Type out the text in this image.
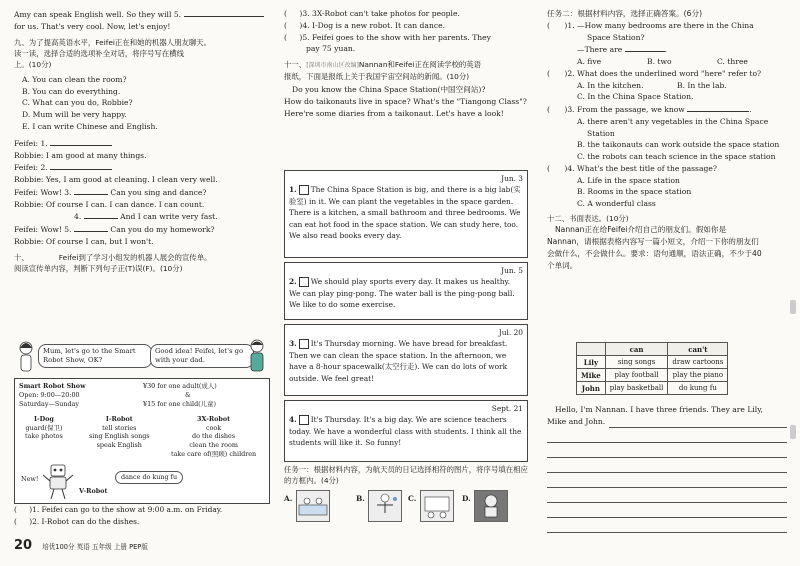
Amy can speak English well. So they will 5.
for us. That's very cool. Now, let's enjoy!
九、为了提高英语水平，Feifei正在和她的机器人朋友聊天。
读一读，选择合适的选项补全对话，将序号写在横线
上。(10分)
A. You can clean the room?
B. You can do everything.
C. What can you do, Robbie?
D. Mum will be very happy.
E. I can write Chinese and English.
Feifei: 1.
Robbie: I am good at many things.
Feifei: 2.
Robbie: Yes, I am good at cleaning. I clean very well.
Feifei: Wow! 3.	Can you sing and dance?
Robbie: Of course I can. I can dance. I can count.
4.	And I can write very fast.
Feifei: Wow! 5.	Can you do my homework?
Robbie: Of course I can, but I won't.
十、	Feifei到了学习小组发的机器人展会的宣传单。
阅读宣传单内容，判断下列句子正(T)误(F)。(10分)
Mum, let's go to the Smart Robot Show, OK?
Good idea! Feifei, let's go with your dad.
Smart Robot Show
Open: 9:00—20:00
Saturday—Sunday
¥30 for one adult(成人)
&
¥15 for one child(儿童)
I-Dog
guard(保卫)
take photos
I-Robot
tell stories
sing English songs
speak English
3X-Robot
cook
do the dishes
clean the room
take care of(照顾) children
New!	dance do kung fu
V-Robot
( )1. Feifei can go to the show at 9:00 a.m. on Friday.
( )2. I-Robot can do the dishes.
( )3. 3X-Robot can't take photos for people.
( )4. I-Dog is a new robot. It can dance.
( )5. Feifei goes to the show with her parents. They
pay 75 yuan.
十一、[深圳市南山区改编]Nannan和Feifei正在阅读学校的英语
报纸，下面是报纸上关于我国宇宙空间站的新闻。(10分)
Do you know the China Space Station(中国空间站)?
How do taikonauts live in space? What's the "Tiangong Class"?
Here're some diaries from a taikonaut. Let's have a look!
Jun. 3
1. The China Space Station is big, and there is a big lab(实验室) in it. We can plant the vegetables in the space garden. There is a kitchen, a small bathroom and three bedrooms. We can eat hot food in the space station. We can study here, too. We also read books every day.
Jun. 5
2. We should play sports every day. It makes us healthy. We can play ping-pong. The water ball is the ping-pong ball. We like to do some exercise.
Jul. 20
3. It's Thursday morning. We have bread for breakfast. Then we can clean the space station. In the afternoon, we have a 8-hour spacewalk(太空行走). We can do lots of work outside. We feel great!
Sept. 21
4. It's Thursday. It's a big day. We are science teachers today. We have a wonderful class with students. I think all the students will like it. So funny!
任务一：根据材料内容，为航天员的日记选择相符的图片，将序号填在相应的方框内。(4分)
A.	B.	C.	D.
任务二：根据材料内容，选择正确答案。(6分)
( )1. —How many bedrooms are there in the China
Space Station?
—There are	.
A. five	B. two	C. three
( )2. What does the underlined word "here" refer to?
A. In the kitchen.	B. In the lab.
C. In the China Space Station.
( )3. From the passage, we know	.
A. there aren't any vegetables in the China Space
Station
B. the taikonauts can work outside the space station
C. the robots can teach science in the space station
( )4. What's the best title of the passage?
A. Life in the space station
B. Rooms in the space station
C. A wonderful class
十二、书面表达。(10分)
Nannan正在给Feifei介绍自己的朋友们。假如你是
Nannan，请根据表格内容写一篇小短文，介绍一下你的朋友们
会做什么，不会做什么。要求：语句通顺，语法正确，不少于40
个单词。
	can	can't
Lily	sing songs	draw cartoons
Mike	play football	play the piano
John	play basketball	do kung fu
Hello, I'm Nannan. I have three friends. They are Lily,
Mike and John.
20 培优100分 英语 五年级 上册 PEP版
